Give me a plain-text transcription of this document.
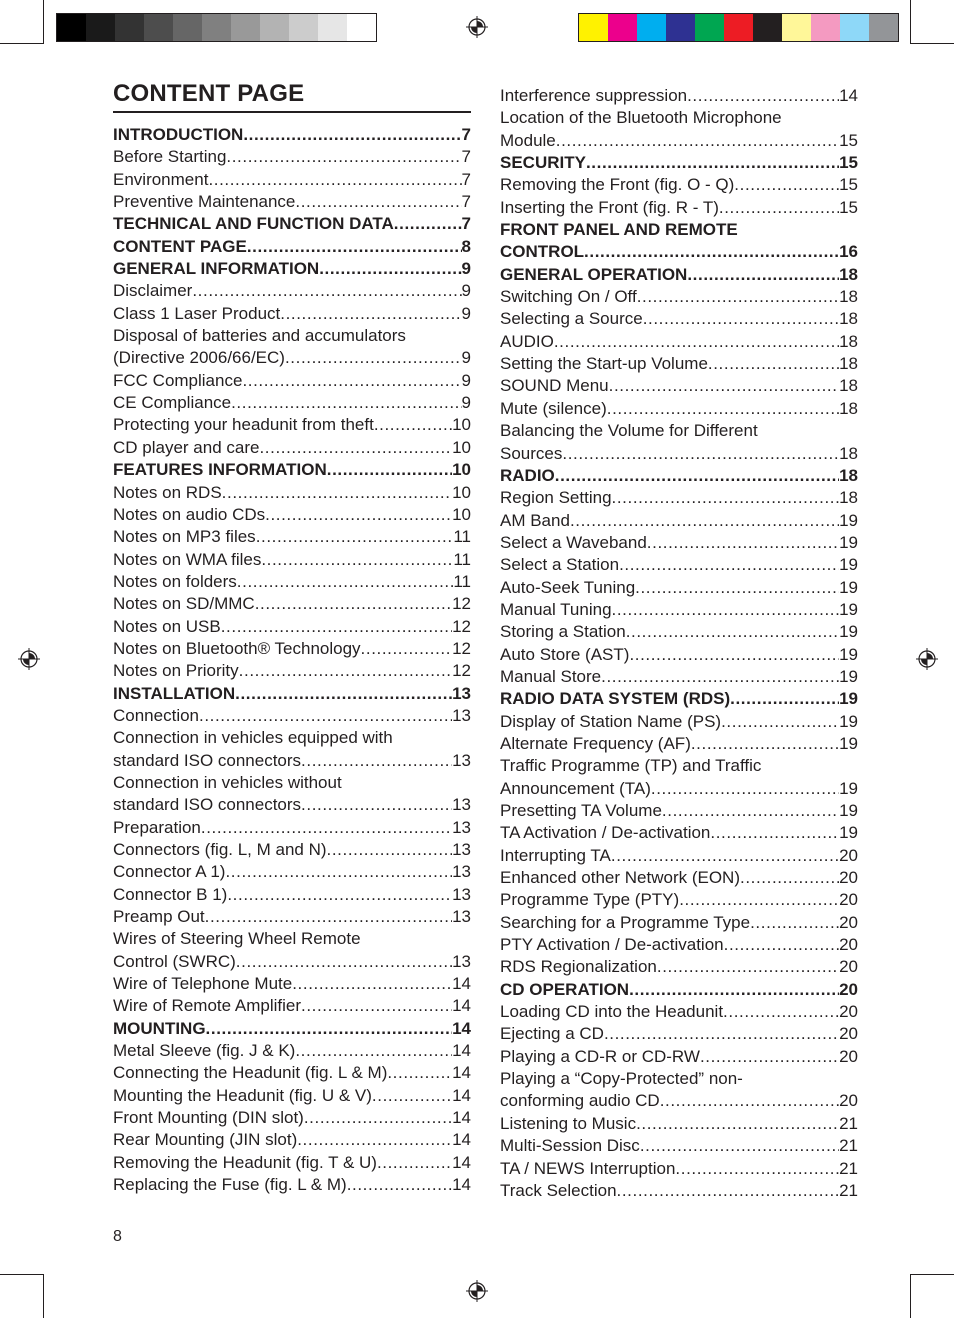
CONTENT PAGE
INTRODUCTION .....	7
Before Starting .....	7
Environment .....	7
Preventive Maintenance .....	7
TECHNICAL AND FUNCTION DATA .....	7
CONTENT PAGE .....	8
GENERAL INFORMATION .....	9
Disclaimer .....	9
Class 1 Laser Product .....	9
Disposal of batteries and accumulators
(Directive 2006/66/EC) .....	9
FCC Compliance .....	9
CE Compliance .....	9
Protecting your headunit from theft .....	10
CD player and care .....	10
FEATURES INFORMATION .....	10
Notes on RDS .....	10
Notes on audio CDs .....	10
Notes on MP3 files .....	11
Notes on WMA files .....	11
Notes on folders .....	11
Notes on SD/MMC .....	12
Notes on USB .....	12
Notes on Bluetooth® Technology .....	12
Notes on Priority .....	12
INSTALLATION .....	13
Connection .....	13
Connection in vehicles equipped with
standard ISO connectors .....	13
Connection in vehicles without
standard ISO connectors .....	13
Preparation .....	13
Connectors (fig. L, M and N) .....	13
Connector A 1) .....	13
Connector B 1) .....	13
Preamp Out .....	13
Wires of Steering Wheel Remote
Control (SWRC) .....	13
Wire of Telephone Mute .....	14
Wire of Remote Amplifier .....	14
MOUNTING .....	14
Metal Sleeve (fig. J & K) .....	14
Connecting the Headunit (fig. L & M) .....	14
Mounting the Headunit (fig. U & V) .....	14
Front Mounting (DIN slot) .....	14
Rear Mounting (JIN slot) .....	14
Removing the Headunit (fig. T & U) .....	14
Replacing the Fuse (fig. L & M) .....	14
Interference suppression .....	14
Location of the Bluetooth Microphone
Module .....	15
SECURITY .....	15
Removing the Front (fig. O - Q) .....	15
Inserting the Front (fig. R - T) .....	15
FRONT PANEL AND REMOTE
CONTROL .....	16
GENERAL OPERATION .....	18
Switching On / Off .....	18
Selecting a Source .....	18
AUDIO .....	18
Setting the Start-up Volume .....	18
SOUND Menu .....	18
Mute (silence) .....	18
Balancing the Volume for Different
Sources .....	18
RADIO .....	18
Region Setting .....	18
AM Band .....	19
Select a Waveband .....	19
Select a Station .....	19
Auto-Seek Tuning .....	19
Manual Tuning .....	19
Storing a Station .....	19
Auto Store (AST) .....	19
Manual Store .....	19
RADIO DATA SYSTEM (RDS) .....	19
Display of Station Name (PS) .....	19
Alternate Frequency (AF) .....	19
Traffic Programme (TP) and Traffic
Announcement (TA) .....	19
Presetting TA Volume .....	19
TA Activation / De-activation .....	19
Interrupting TA .....	20
Enhanced other Network (EON) .....	20
Programme Type (PTY) .....	20
Searching for a Programme Type .....	20
PTY Activation / De-activation .....	20
RDS Regionalization .....	20
CD OPERATION .....	20
Loading CD into the Headunit .....	20
Ejecting a CD .....	20
Playing a CD-R or CD-RW .....	20
Playing a “Copy-Protected” non-
conforming audio CD .....	20
Listening to Music .....	21
Multi-Session Disc .....	21
TA / NEWS Interruption .....	21
Track Selection .....	21
8
